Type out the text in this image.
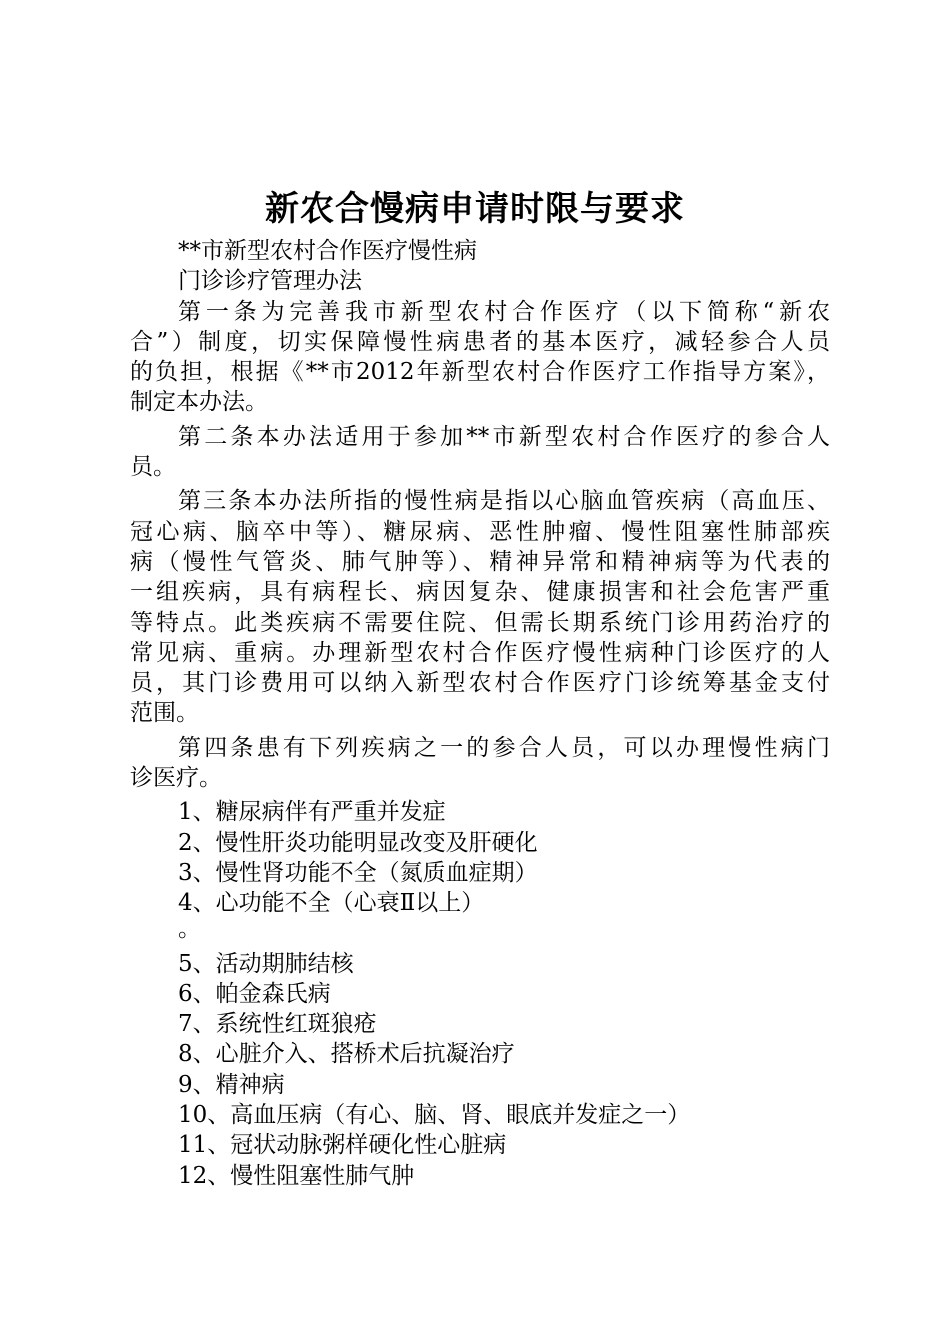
新农合慢病申请时限与要求
**市新型农村合作医疗慢性病
门诊诊疗管理办法
第一条为完善我市新型农村合作医疗（以下简称“新农
合”）制度，切实保障慢性病患者的基本医疗，减轻参合人员
的负担，根据《**市2012年新型农村合作医疗工作指导方案》，
制定本办法。
第二条本办法适用于参加**市新型农村合作医疗的参合人
员。
第三条本办法所指的慢性病是指以心脑血管疾病（高血压、
冠心病、脑卒中等）、糖尿病、恶性肿瘤、慢性阻塞性肺部疾
病（慢性气管炎、肺气肿等）、精神异常和精神病等为代表的
一组疾病，具有病程长、病因复杂、健康损害和社会危害严重
等特点。此类疾病不需要住院、但需长期系统门诊用药治疗的
常见病、重病。办理新型农村合作医疗慢性病种门诊医疗的人
员，其门诊费用可以纳入新型农村合作医疗门诊统筹基金支付
范围。
第四条患有下列疾病之一的参合人员，可以办理慢性病门
诊医疗。
1、糖尿病伴有严重并发症
2、慢性肝炎功能明显改变及肝硬化
3、慢性肾功能不全（氮质血症期）
4、心功能不全（心衰Ⅱ以上）
。
5、活动期肺结核
6、帕金森氏病
7、系统性红斑狼疮
8、心脏介入、搭桥术后抗凝治疗
9、精神病
10、高血压病（有心、脑、肾、眼底并发症之一）
11、冠状动脉粥样硬化性心脏病
12、慢性阻塞性肺气肿
